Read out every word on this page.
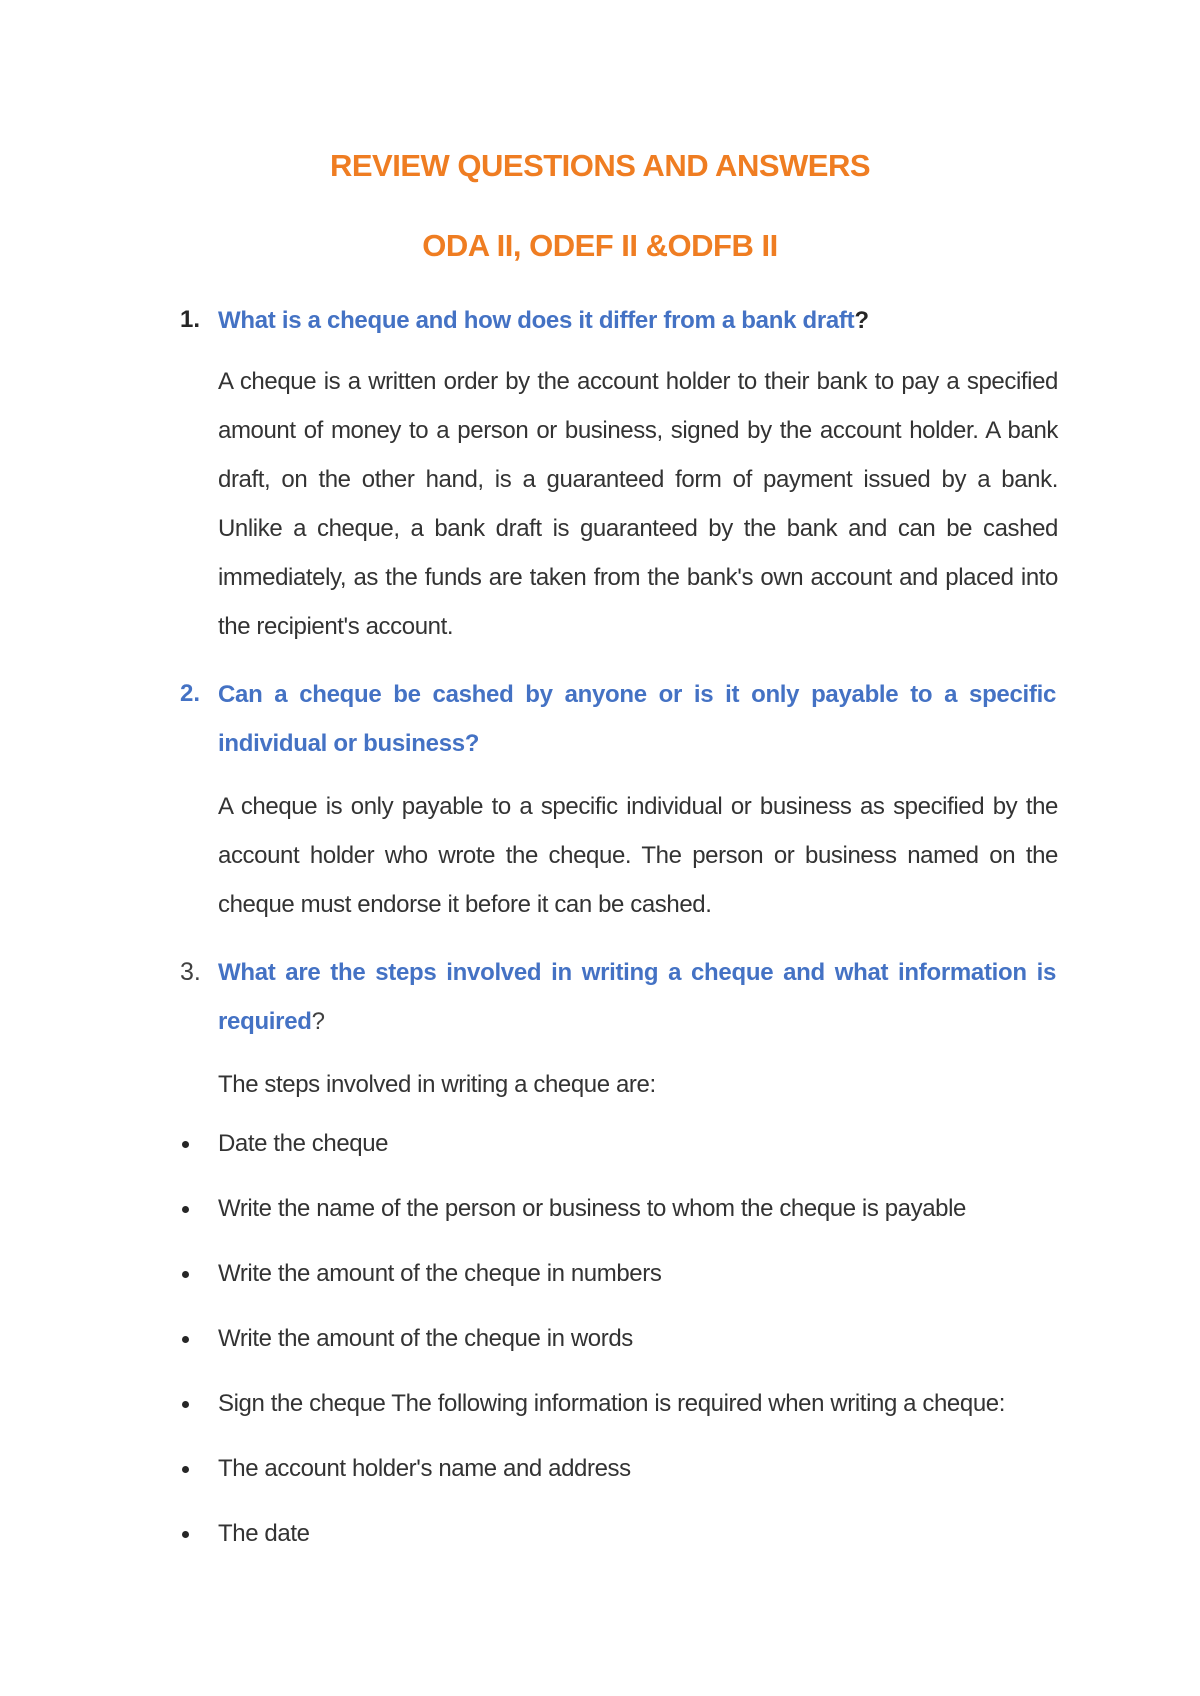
REVIEW QUESTIONS AND ANSWERS
ODA II, ODEF II &ODFB II
1. What is a cheque and how does it differ from a bank draft?
A cheque is a written order by the account holder to their bank to pay a specified amount of money to a person or business, signed by the account holder. A bank draft, on the other hand, is a guaranteed form of payment issued by a bank. Unlike a cheque, a bank draft is guaranteed by the bank and can be cashed immediately, as the funds are taken from the bank's own account and placed into the recipient's account.
2. Can a cheque be cashed by anyone or is it only payable to a specific individual or business?
A cheque is only payable to a specific individual or business as specified by the account holder who wrote the cheque. The person or business named on the cheque must endorse it before it can be cashed.
3. What are the steps involved in writing a cheque and what information is required?
The steps involved in writing a cheque are:
Date the cheque
Write the name of the person or business to whom the cheque is payable
Write the amount of the cheque in numbers
Write the amount of the cheque in words
Sign the cheque The following information is required when writing a cheque:
The account holder's name and address
The date
